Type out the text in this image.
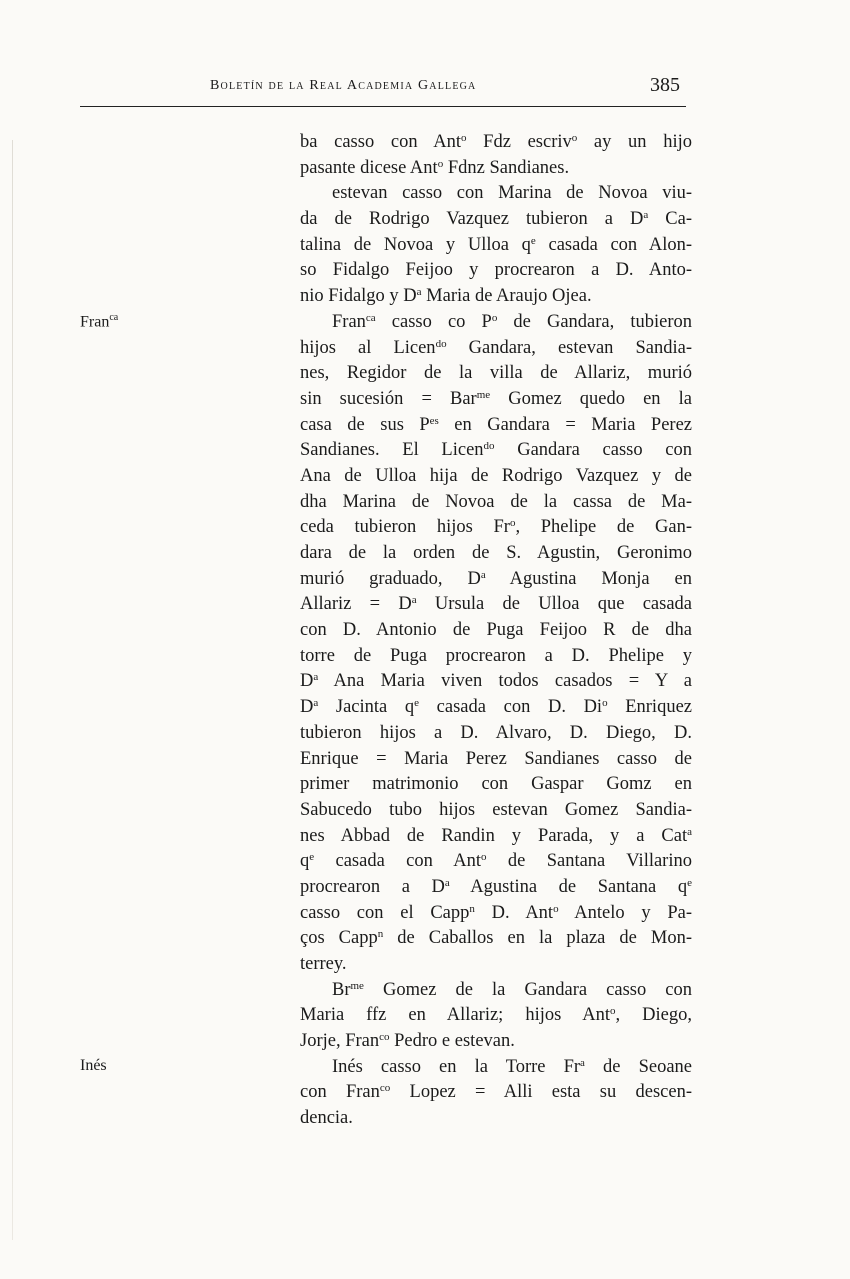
Boletín de la Real Academia Gallega	385
Fran$^{ca}$
Inés
ba casso con Ant$^o$ Fdz escriv$^o$ ay un hijo
pasante dicese Ant$^o$ Fdnz Sandianes.
estevan casso con Marina de Novoa viu-
da de Rodrigo Vazquez tubieron a $D^a$ Ca-
talina de Novoa y Ulloa $q^e$ casada con Alon-
so Fidalgo Feijoo y procrearon a D. Anto-
nio Fidalgo y $D^a$ Maria de Araujo Ojea.
Fran$^{ca}$ casso co $P^o$ de Gandara, tubieron
hijos al Licen$^{do}$ Gandara, estevan Sandia-
nes, Regidor de la villa de Allariz, murió
sin sucesión = Bar$^{me}$ Gomez quedo en la
casa de sus $P^{es}$ en Gandara = Maria Perez
Sandianes. El Licen$^{do}$ Gandara casso con
Ana de Ulloa hija de Rodrigo Vazquez y de
dha Marina de Novoa de la cassa de Ma-
ceda tubieron hijos Fr$^o$, Phelipe de Gan-
dara de la orden de S. Agustin, Geronimo
murió graduado, $D^a$ Agustina Monja en
Allariz = $D^a$ Ursula de Ulloa que casada
con D. Antonio de Puga Feijoo R de dha
torre de Puga procrearon a D. Phelipe y
$D^a$ Ana Maria viven todos casados = Y a
$D^a$ Jacinta $q^e$ casada con D. Di$^o$ Enriquez
tubieron hijos a D. Alvaro, D. Diego, D.
Enrique = Maria Perez Sandianes casso de
primer matrimonio con Gaspar Gomz en
Sabucedo tubo hijos estevan Gomez Sandia-
nes Abbad de Randin y Parada, y a Cat$^a$
$q^e$ casada con Ant$^o$ de Santana Villarino
procrearon a $D^a$ Agustina de Santana $q^e$
casso con el Capp$^n$ D. Ant$^o$ Antelo y Pa-
ços Capp$^n$ de Caballos en la plaza de Mon-
terrey.
$Br^{me}$ Gomez de la Gandara casso con
Maria ffz en Allariz; hijos Ant$^o$, Diego,
Jorje, Fran$^{co}$ Pedro e estevan.
Inés casso en la Torre Fr$^a$ de Seoane
con Fran$^{co}$ Lopez = Alli esta su descen-
dencia.
